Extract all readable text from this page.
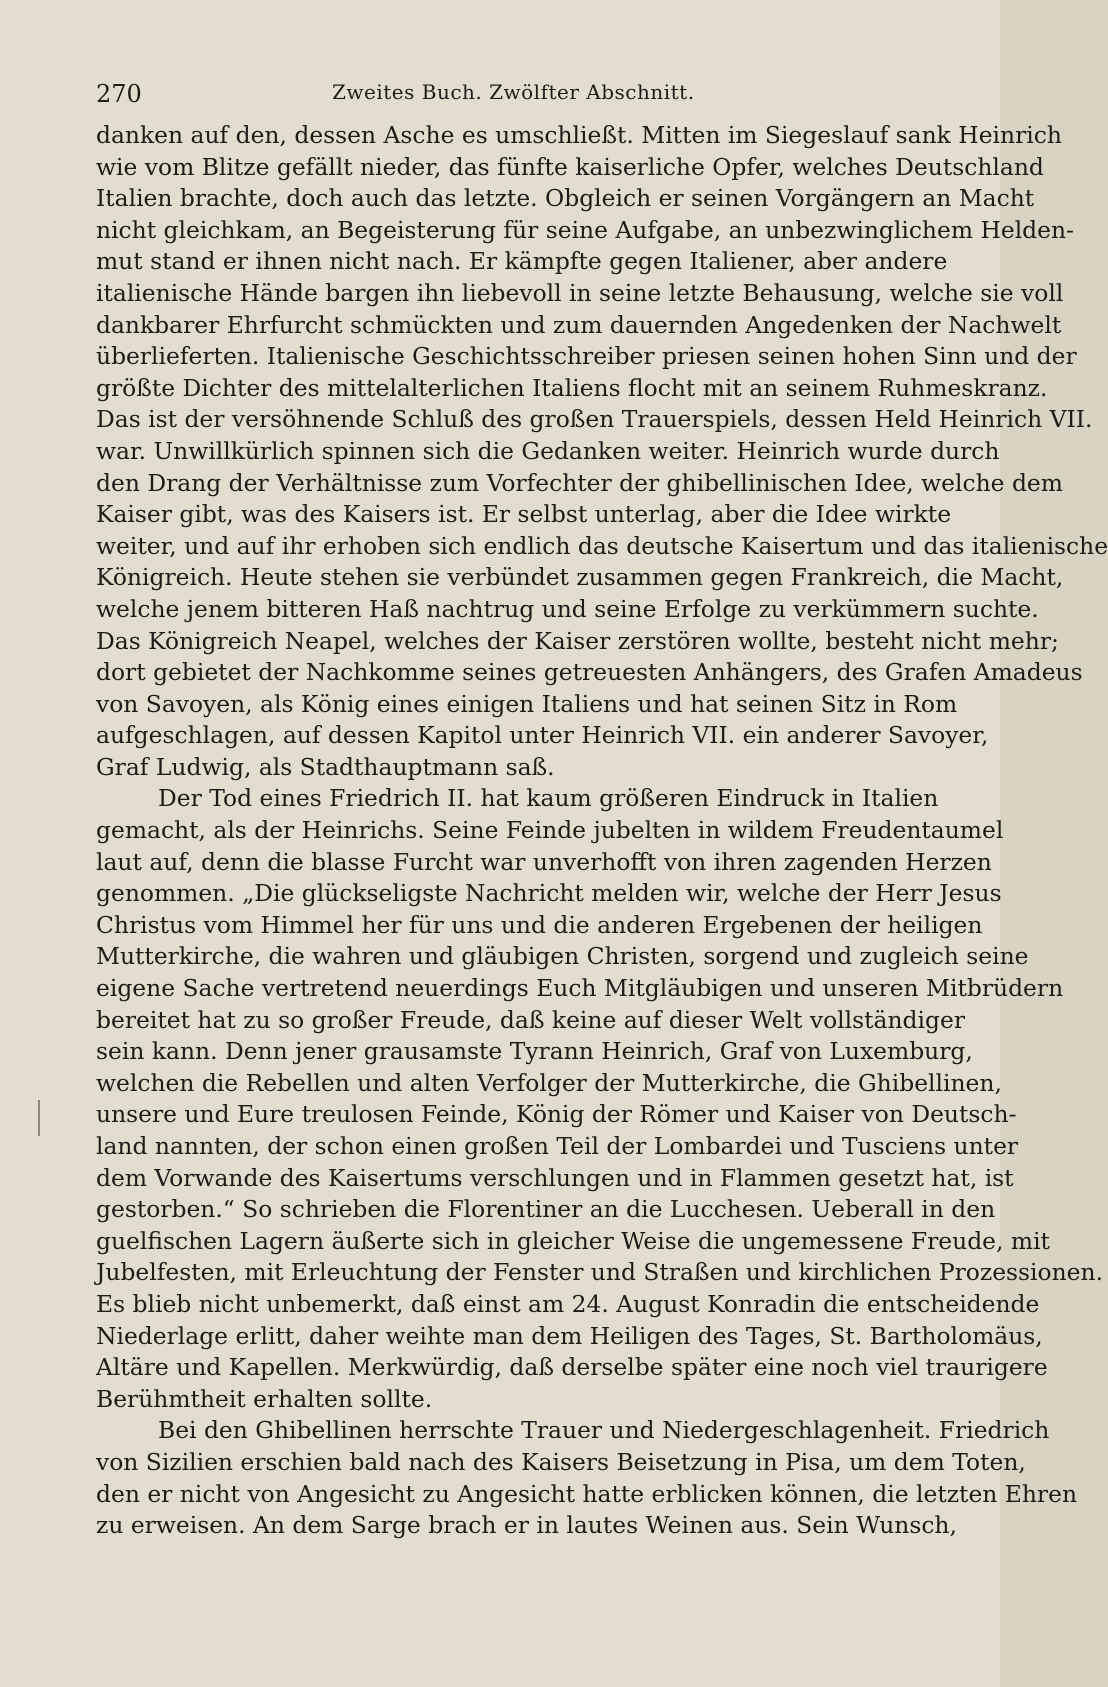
270	Zweites Buch. Zwölfter Abschnitt.

danken auf den, dessen Asche es umschließt. Mitten im Siegeslauf sank Heinrich
wie vom Blitze gefällt nieder, das fünfte kaiserliche Opfer, welches Deutschland
Italien brachte, doch auch das letzte. Obgleich er seinen Vorgängern an Macht
nicht gleichkam, an Begeisterung für seine Aufgabe, an unbezwinglichem Helden-
mut stand er ihnen nicht nach. Er kämpfte gegen Italiener, aber andere
italienische Hände bargen ihn liebevoll in seine letzte Behausung, welche sie voll
dankbarer Ehrfurcht schmückten und zum dauernden Angedenken der Nachwelt
überlieferten. Italienische Geschichtsschreiber priesen seinen hohen Sinn und der
größte Dichter des mittelalterlichen Italiens flocht mit an seinem Ruhmeskranz.
Das ist der versöhnende Schluß des großen Trauerspiels, dessen Held Heinrich VII.
war. Unwillkürlich spinnen sich die Gedanken weiter. Heinrich wurde durch
den Drang der Verhältnisse zum Vorfechter der ghibellinischen Idee, welche dem
Kaiser gibt, was des Kaisers ist. Er selbst unterlag, aber die Idee wirkte
weiter, und auf ihr erhoben sich endlich das deutsche Kaisertum und das italienische
Königreich. Heute stehen sie verbündet zusammen gegen Frankreich, die Macht,
welche jenem bitteren Haß nachtrug und seine Erfolge zu verkümmern suchte.
Das Königreich Neapel, welches der Kaiser zerstören wollte, besteht nicht mehr;
dort gebietet der Nachkomme seines getreuesten Anhängers, des Grafen Amadeus
von Savoyen, als König eines einigen Italiens und hat seinen Sitz in Rom
aufgeschlagen, auf dessen Kapitol unter Heinrich VII. ein anderer Savoyer,
Graf Ludwig, als Stadthauptmann saß.

Der Tod eines Friedrich II. hat kaum größeren Eindruck in Italien
gemacht, als der Heinrichs. Seine Feinde jubelten in wildem Freudentaumel
laut auf, denn die blasse Furcht war unverhofft von ihren zagenden Herzen
genommen. „Die glückseligste Nachricht melden wir, welche der Herr Jesus
Christus vom Himmel her für uns und die anderen Ergebenen der heiligen
Mutterkirche, die wahren und gläubigen Christen, sorgend und zugleich seine
eigene Sache vertretend neuerdings Euch Mitgläubigen und unseren Mitbrüdern
bereitet hat zu so großer Freude, daß keine auf dieser Welt vollständiger
sein kann. Denn jener grausamste Tyrann Heinrich, Graf von Luxemburg,
welchen die Rebellen und alten Verfolger der Mutterkirche, die Ghibellinen,
unsere und Eure treulosen Feinde, König der Römer und Kaiser von Deutsch-
land nannten, der schon einen großen Teil der Lombardei und Tusciens unter
dem Vorwande des Kaisertums verschlungen und in Flammen gesetzt hat, ist
gestorben.“ So schrieben die Florentiner an die Lucchesen. Ueberall in den
guelfischen Lagern äußerte sich in gleicher Weise die ungemessene Freude, mit
Jubelfesten, mit Erleuchtung der Fenster und Straßen und kirchlichen Prozessionen.
Es blieb nicht unbemerkt, daß einst am 24. August Konradin die entscheidende
Niederlage erlitt, daher weihte man dem Heiligen des Tages, St. Bartholomäus,
Altäre und Kapellen. Merkwürdig, daß derselbe später eine noch viel traurigere
Berühmtheit erhalten sollte.

Bei den Ghibellinen herrschte Trauer und Niedergeschlagenheit. Friedrich
von Sizilien erschien bald nach des Kaisers Beisetzung in Pisa, um dem Toten,
den er nicht von Angesicht zu Angesicht hatte erblicken können, die letzten Ehren
zu erweisen. An dem Sarge brach er in lautes Weinen aus. Sein Wunsch,
